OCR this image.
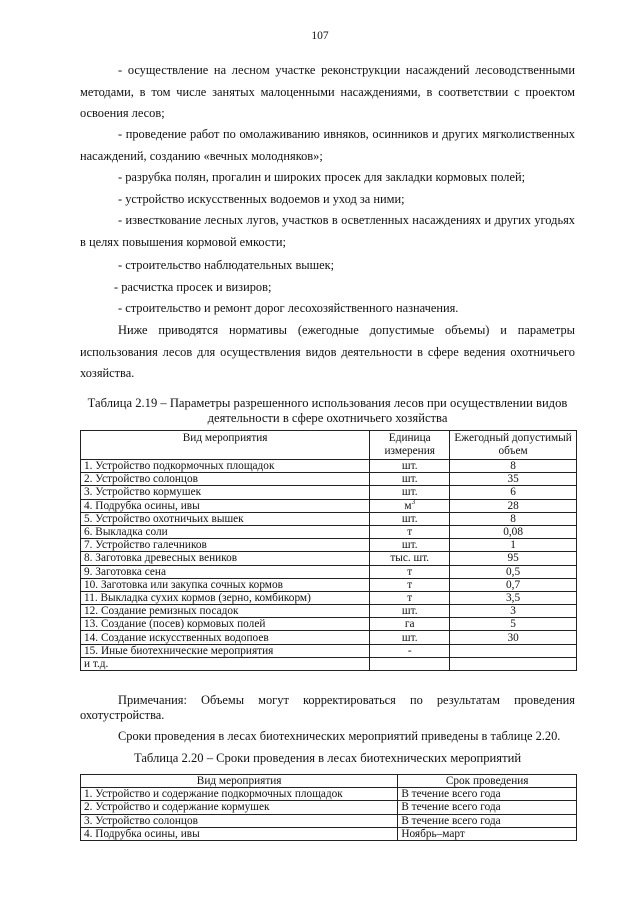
107

- осуществление на лесном участке реконструкции насаждений лесоводственными методами, в том числе занятых малоценными насаждениями, в соответствии с проектом освоения лесов;

- проведение работ по омолаживанию ивняков, осинников и других мягколиственных насаждений, созданию «вечных молодняков»;

- разрубка полян, прогалин и широких просек для закладки кормовых полей;

- устройство искусственных водоемов и уход за ними;

- известкование лесных лугов, участков в осветленных насаждениях и других угодьях в целях повышения кормовой емкости;

- строительство наблюдательных вышек;

- расчистка просек и визиров;

- строительство и ремонт дорог лесохозяйственного назначения.

Ниже приводятся нормативы (ежегодные допустимые объемы) и параметры использования лесов для осуществления видов деятельности в сфере ведения охотничьего хозяйства.

Таблица 2.19 – Параметры разрешенного использования лесов при осуществлении видов деятельности в сфере охотничьего хозяйства
Вид мероприятия	Единица измерения	Ежегодный допустимый объем
1. Устройство подкормочных площадок	шт.	8
2. Устройство солонцов	шт.	35
3. Устройство кормушек	шт.	6
4. Подрубка осины, ивы	$м^3$	28
5. Устройство охотничьих вышек	шт.	8
6. Выкладка соли	т	0,08
7. Устройство галечников	шт.	1
8. Заготовка древесных веников	тыс. шт.	95
9. Заготовка сена	т	0,5
10. Заготовка или закупка сочных кормов	т	0,7
11. Выкладка сухих кормов (зерно, комбикорм)	т	3,5
12. Создание ремизных посадок	шт.	3
13. Создание (посев) кормовых полей	га	5
14. Создание искусственных водопоев	шт.	30
15. Иные биотехнические мероприятия	-	
и т.д.		

Примечания: Объемы могут корректироваться по результатам проведения охотустройства.

Сроки проведения в лесах биотехнических мероприятий приведены в таблице 2.20.

Таблица 2.20 – Сроки проведения в лесах биотехнических мероприятий
Вид мероприятия	Срок проведения
1. Устройство и содержание подкормочных площадок	В течение всего года
2. Устройство и содержание кормушек	В течение всего года
3. Устройство солонцов	В течение всего года
4. Подрубка осины, ивы	Ноябрь–март
